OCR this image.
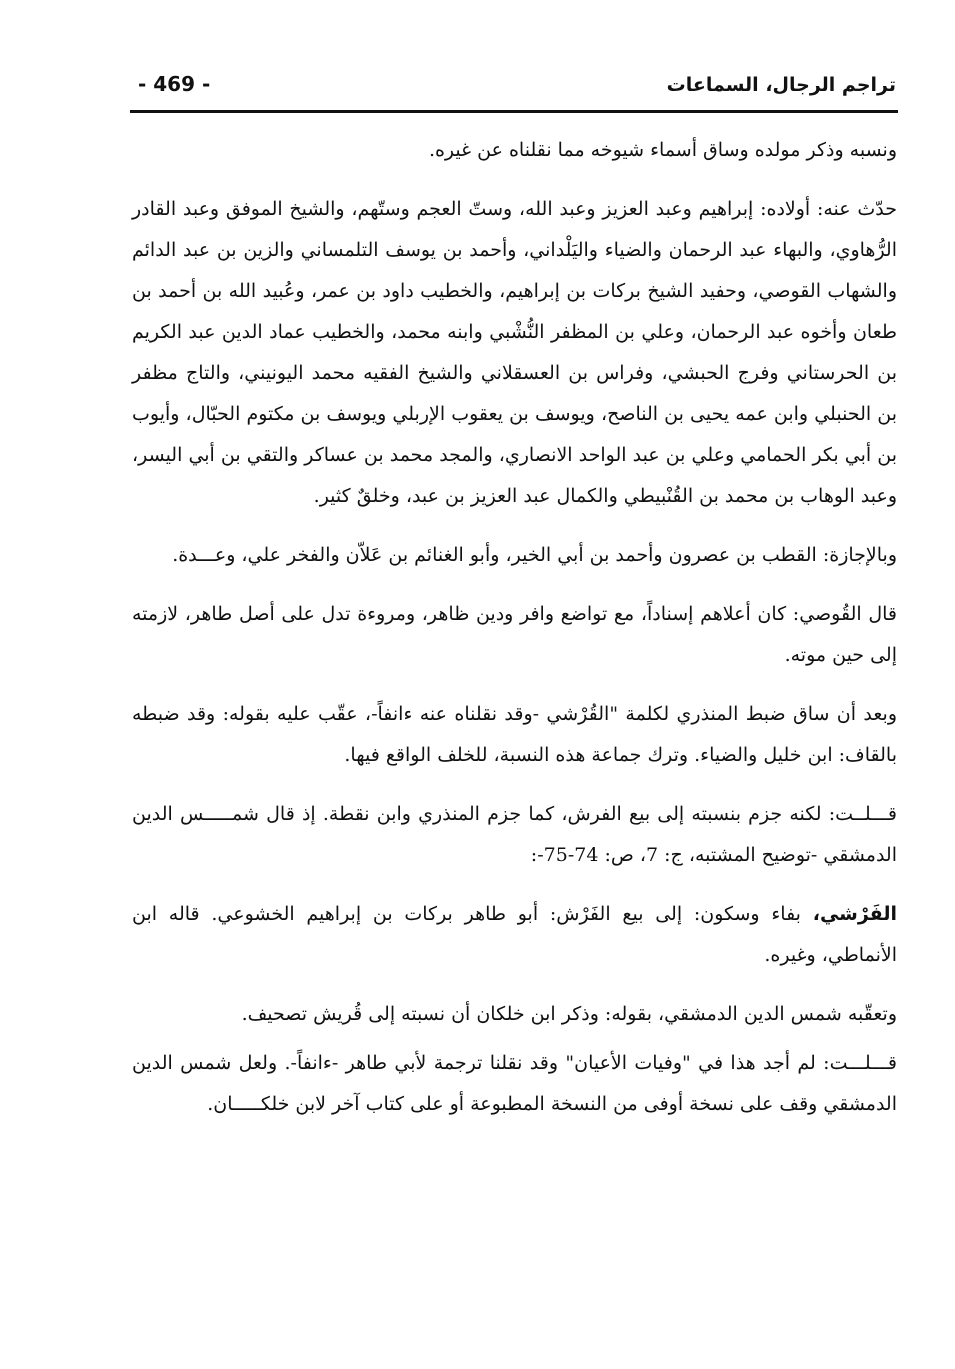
تراجم الرجال، السماعات
- 469 -

ونسبه وذكر مولده وساق أسماء شيوخه مما نقلناه عن غيره.

حدّث عنه: أولاده: إبراهيم وعبد العزيز وعبد الله، وستّ العجم وستّهم، والشيخ الموفق وعبد القادر الرُّهاوي، والبهاء عبد الرحمان والضياء واليَلْداني، وأحمد بن يوسف التلمساني والزين بن عبد الدائم والشهاب القوصي، وحفيد الشيخ بركات بن إبراهيم، والخطيب داود بن عمر، وعُبيد الله بن أحمد بن طعان وأخوه عبد الرحمان، وعلي بن المظفر النُّشْبي وابنه محمد، والخطيب عماد الدين عبد الكريم بن الحرستاني وفرج الحبشي، وفراس بن العسقلاني والشيخ الفقيه محمد اليونيني، والتاج مظفر بن الحنبلي وابن عمه يحيى بن الناصح، ويوسف بن يعقوب الإربلي ويوسف بن مكتوم الحبّال، وأيوب بن أبي بكر الحمامي وعلي بن عبد الواحد الانصاري، والمجد محمد بن عساكر والتقي بن أبي اليسر، وعبد الوهاب بن محمد بن القُنْبيطي والكمال عبد العزيز بن عبد، وخلقٌ كثير.

وبالإجازة: القطب بن عصرون وأحمد بن أبي الخير، وأبو الغنائم بن عَلاّن والفخر علي، وعـــدة.

قال القُوصي: كان أعلاهم إسناداً، مع تواضع وافر ودين ظاهر، ومروءة تدل على أصل طاهر، لازمته إلى حين موته.

وبعد أن ساق ضبط المنذري لكلمة "القُرْشي -وقد نقلناه عنه ءانفاً-، عقّب عليه بقوله: وقد ضبطه بالقاف: ابن خليل والضياء. وترك جماعة هذه النسبة، للخلف الواقع فيها.

قـــلــت: لكنه جزم بنسبته إلى بيع الفرش، كما جزم المنذري وابن نقطة. إذ قال شمـــــس الدين الدمشقي -توضيح المشتبه، ج: 7، ص: 74-75-:

الفَرْشي، بفاء وسكون: إلى بيع الفَرْش: أبو طاهر بركات بن إبراهيم الخشوعي. قاله ابن الأنماطي، وغيره.

وتعقّبه شمس الدين الدمشقي، بقوله: وذكر ابن خلكان أن نسبته إلى قُريش تصحيف.

قـــلـــت: لم أجد هذا في "وفيات الأعيان" وقد نقلنا ترجمة لأبي طاهر -ءانفاً-. ولعل شمس الدين الدمشقي وقف على نسخة أوفى من النسخة المطبوعة أو على كتاب آخر لابن خلكـــــان.
